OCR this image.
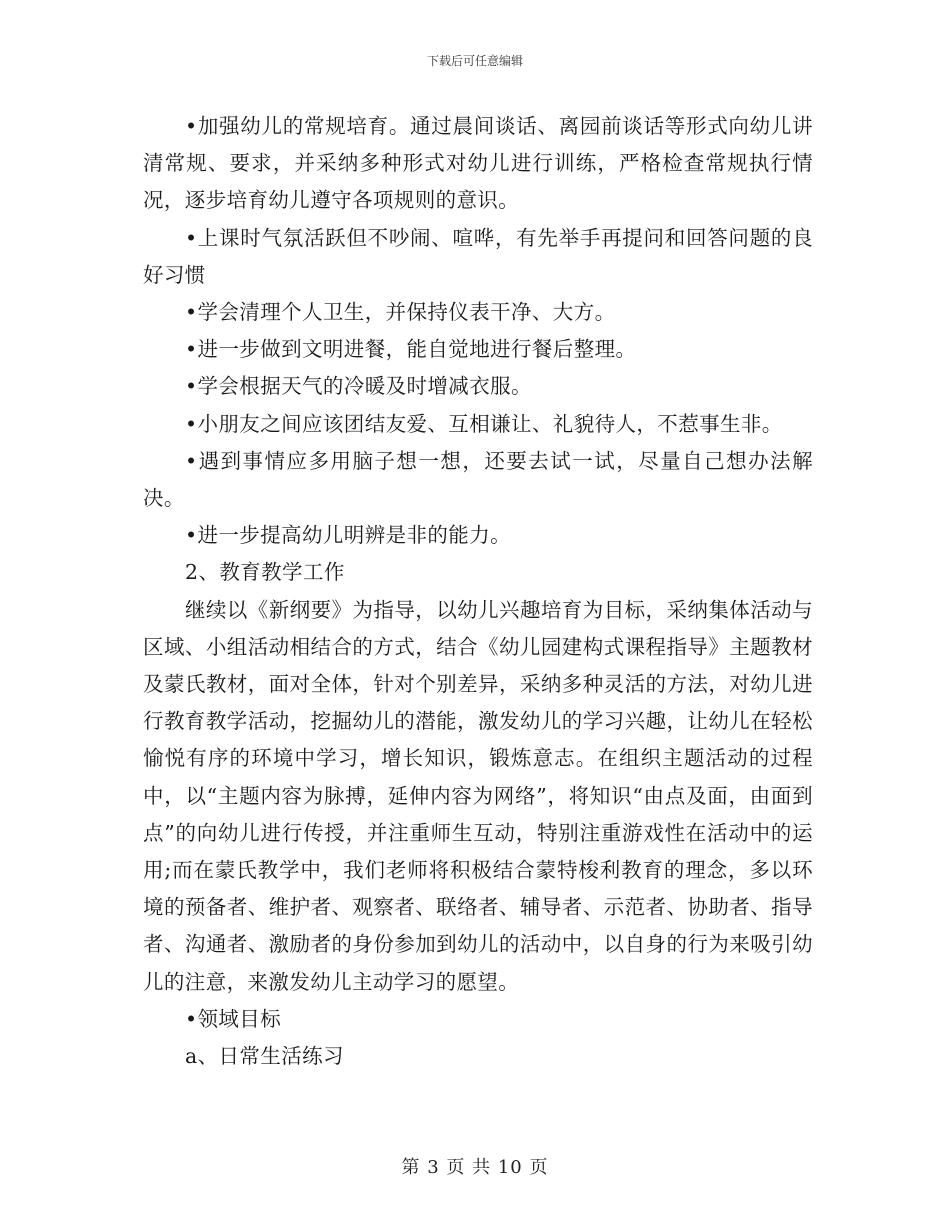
下载后可任意编辑

•加强幼儿的常规培育。通过晨间谈话、离园前谈话等形式向幼儿讲清常规、要求，并采纳多种形式对幼儿进行训练，严格检查常规执行情况，逐步培育幼儿遵守各项规则的意识。

•上课时气氛活跃但不吵闹、喧哗，有先举手再提问和回答问题的良好习惯

•学会清理个人卫生，并保持仪表干净、大方。

•进一步做到文明进餐，能自觉地进行餐后整理。

•学会根据天气的冷暖及时增减衣服。

•小朋友之间应该团结友爱、互相谦让、礼貌待人，不惹事生非。

•遇到事情应多用脑子想一想，还要去试一试，尽量自己想办法解决。

•进一步提高幼儿明辨是非的能力。

2、教育教学工作

继续以《新纲要》为指导，以幼儿兴趣培育为目标，采纳集体活动与区域、小组活动相结合的方式，结合《幼儿园建构式课程指导》主题教材及蒙氏教材，面对全体，针对个别差异，采纳多种灵活的方法，对幼儿进行教育教学活动，挖掘幼儿的潜能，激发幼儿的学习兴趣，让幼儿在轻松愉悦有序的环境中学习，增长知识，锻炼意志。在组织主题活动的过程中，以“主题内容为脉搏，延伸内容为网络”，将知识“由点及面，由面到点”的向幼儿进行传授，并注重师生互动，特别注重游戏性在活动中的运用;而在蒙氏教学中，我们老师将积极结合蒙特梭利教育的理念，多以环境的预备者、维护者、观察者、联络者、辅导者、示范者、协助者、指导者、沟通者、激励者的身份参加到幼儿的活动中，以自身的行为来吸引幼儿的注意，来激发幼儿主动学习的愿望。

•领域目标

a、日常生活练习

第 3 页 共 10 页
